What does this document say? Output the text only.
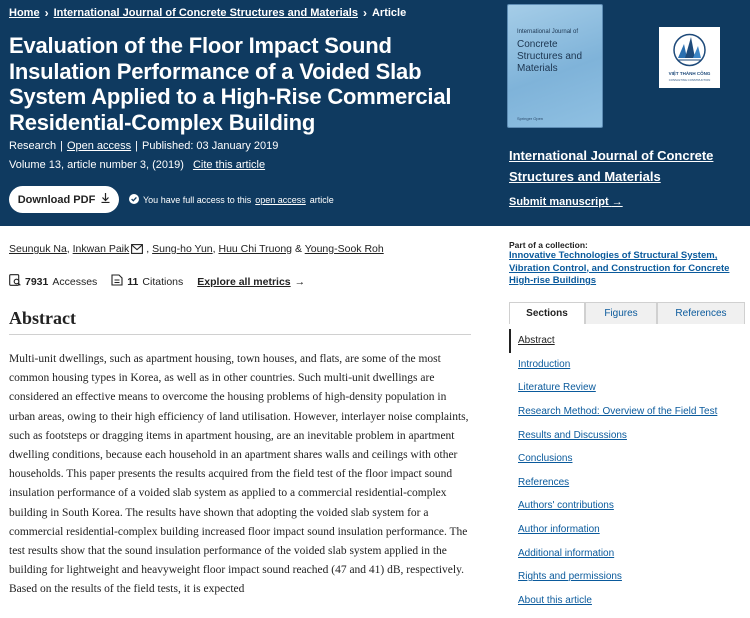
Home › International Journal of Concrete Structures and Materials › Article
Evaluation of the Floor Impact Sound Insulation Performance of a Voided Slab System Applied to a High-Rise Commercial Residential-Complex Building
Research | Open access | Published: 03 January 2019
Volume 13, article number 3, (2019) Cite this article
Download PDF	You have full access to this open access article
International Journal of
Concrete Structures and Materials
Springer Open
VIỆT THÀNH CÔNG
CONSULTING CONSTRUCTION
International Journal of Concrete Structures and Materials
Submit manuscript →
Seunguk Na, Inkwan Paik , Sung-ho Yun, Huu Chi Truong & Young-Sook Roh
7931 Accesses	11 Citations Explore all metrics →
Abstract

Multi-unit dwellings, such as apartment housing, town houses, and flats, are some of the most common housing types in Korea, as well as in other countries. Such multi-unit dwellings are considered an effective means to overcome the housing problems of high-density population in urban areas, owing to their high efficiency of land utilisation. However, interlayer noise complaints, such as footsteps or dragging items in apartment housing, are an inevitable problem in apartment dwelling conditions, because each household in an apartment shares walls and ceilings with other households. This paper presents the results acquired from the field test of the floor impact sound insulation performance of a voided slab system as applied to a commercial residential-complex building in South Korea. The results have shown that adopting the voided slab system for a commercial residential-complex building increased floor impact sound insulation performance. The test results show that the sound insulation performance of the voided slab system applied in the building for lightweight and heavyweight floor impact sound reached (47 and 41) dB, respectively. Based on the results of the field tests, it is expected

Part of a collection:
Innovative Technologies of Structural System, Vibration Control, and Construction for Concrete High-rise Buildings
Sections	Figures	References
Abstract
Introduction
Literature Review
Research Method: Overview of the Field Test
Results and Discussions
Conclusions
References
Authors' contributions
Author information
Additional information
Rights and permissions
About this article
